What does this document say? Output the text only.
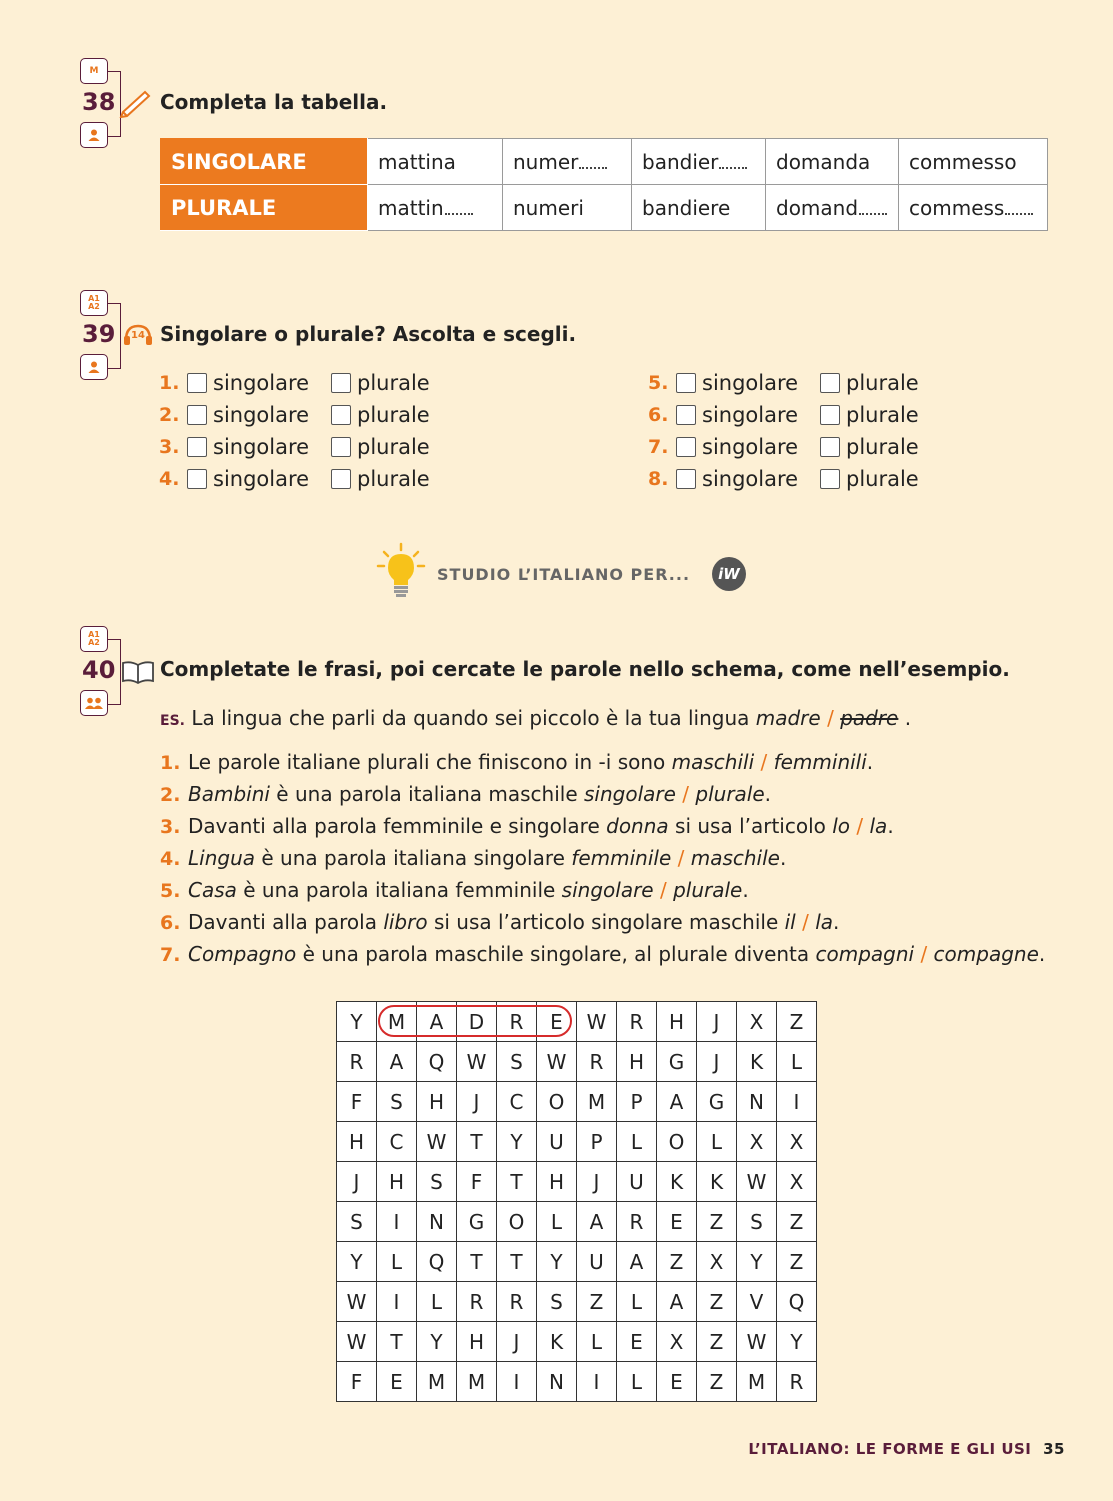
M
38 Completa la tabella.
SINGOLARE	mattina	numer	bandier	domanda	commesso
PLURALE	mattin	numeri	bandiere	domand	commess
A1 A2
39 14 Singolare o plurale? Ascolta e scegli.
1.	singolare	plurale
2.	singolare	plurale
3.	singolare	plurale
4.	singolare	plurale
5.	singolare	plurale
6.	singolare	plurale
7.	singolare	plurale
8.	singolare	plurale
STUDIO L’ITALIANO PER... iW
A1 A2
40 Completate le frasi, poi cercate le parole nello schema, come nell’esempio.
ES. La lingua che parli da quando sei piccolo è la tua lingua madre / padre .
1. Le parole italiane plurali che finiscono in -i sono maschili / femminili.
2. Bambini è una parola italiana maschile singolare / plurale.
3. Davanti alla parola femminile e singolare donna si usa l’articolo lo / la.
4. Lingua è una parola italiana singolare femminile / maschile.
5. Casa è una parola italiana femminile singolare / plurale.
6. Davanti alla parola libro si usa l’articolo singolare maschile il / la.
7. Compagno è una parola maschile singolare, al plurale diventa compagni / compagne.
Y	M	A	D	R	E	W	R	H	J	X	Z
R	A	Q	W	S	W	R	H	G	J	K	L
F	S	H	J	C	O	M	P	A	G	N	I
H	C	W	T	Y	U	P	L	O	L	X	X
J	H	S	F	T	H	J	U	K	K	W	X
S	I	N	G	O	L	A	R	E	Z	S	Z
Y	L	Q	T	T	Y	U	A	Z	X	Y	Z
W	I	L	R	R	S	Z	L	A	Z	V	Q
W	T	Y	H	J	K	L	E	X	Z	W	Y
F	E	M	M	I	N	I	L	E	Z	M	R
L’ITALIANO: LE FORME E GLI USI 35
